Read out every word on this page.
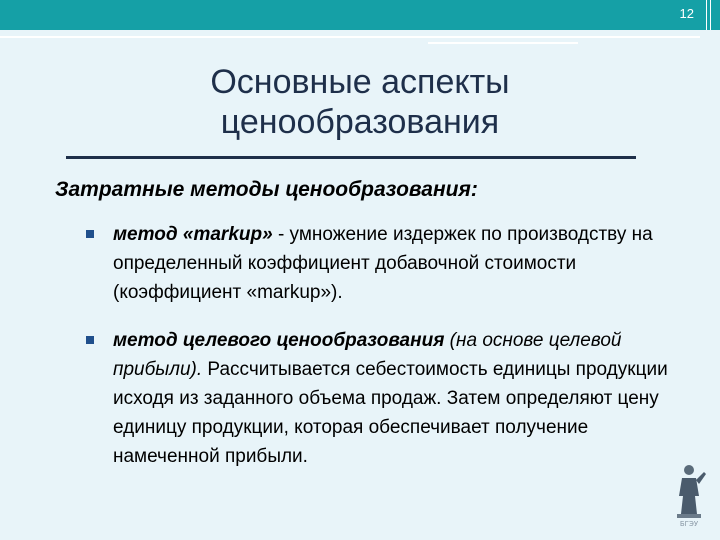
12
Основные аспекты
ценообразования
Затратные методы ценообразования:
метод «markup» - умножение издержек по производству на определенный коэффициент добавочной стоимости (коэффициент «markup»).
метод целевого ценообразования (на основе целевой прибыли). Рассчитывается себестоимость единицы продукции исходя из заданного объема продаж. Затем определяют цену единицу продукции, которая обеспечивает получение намеченной прибыли.
БГЭУ
